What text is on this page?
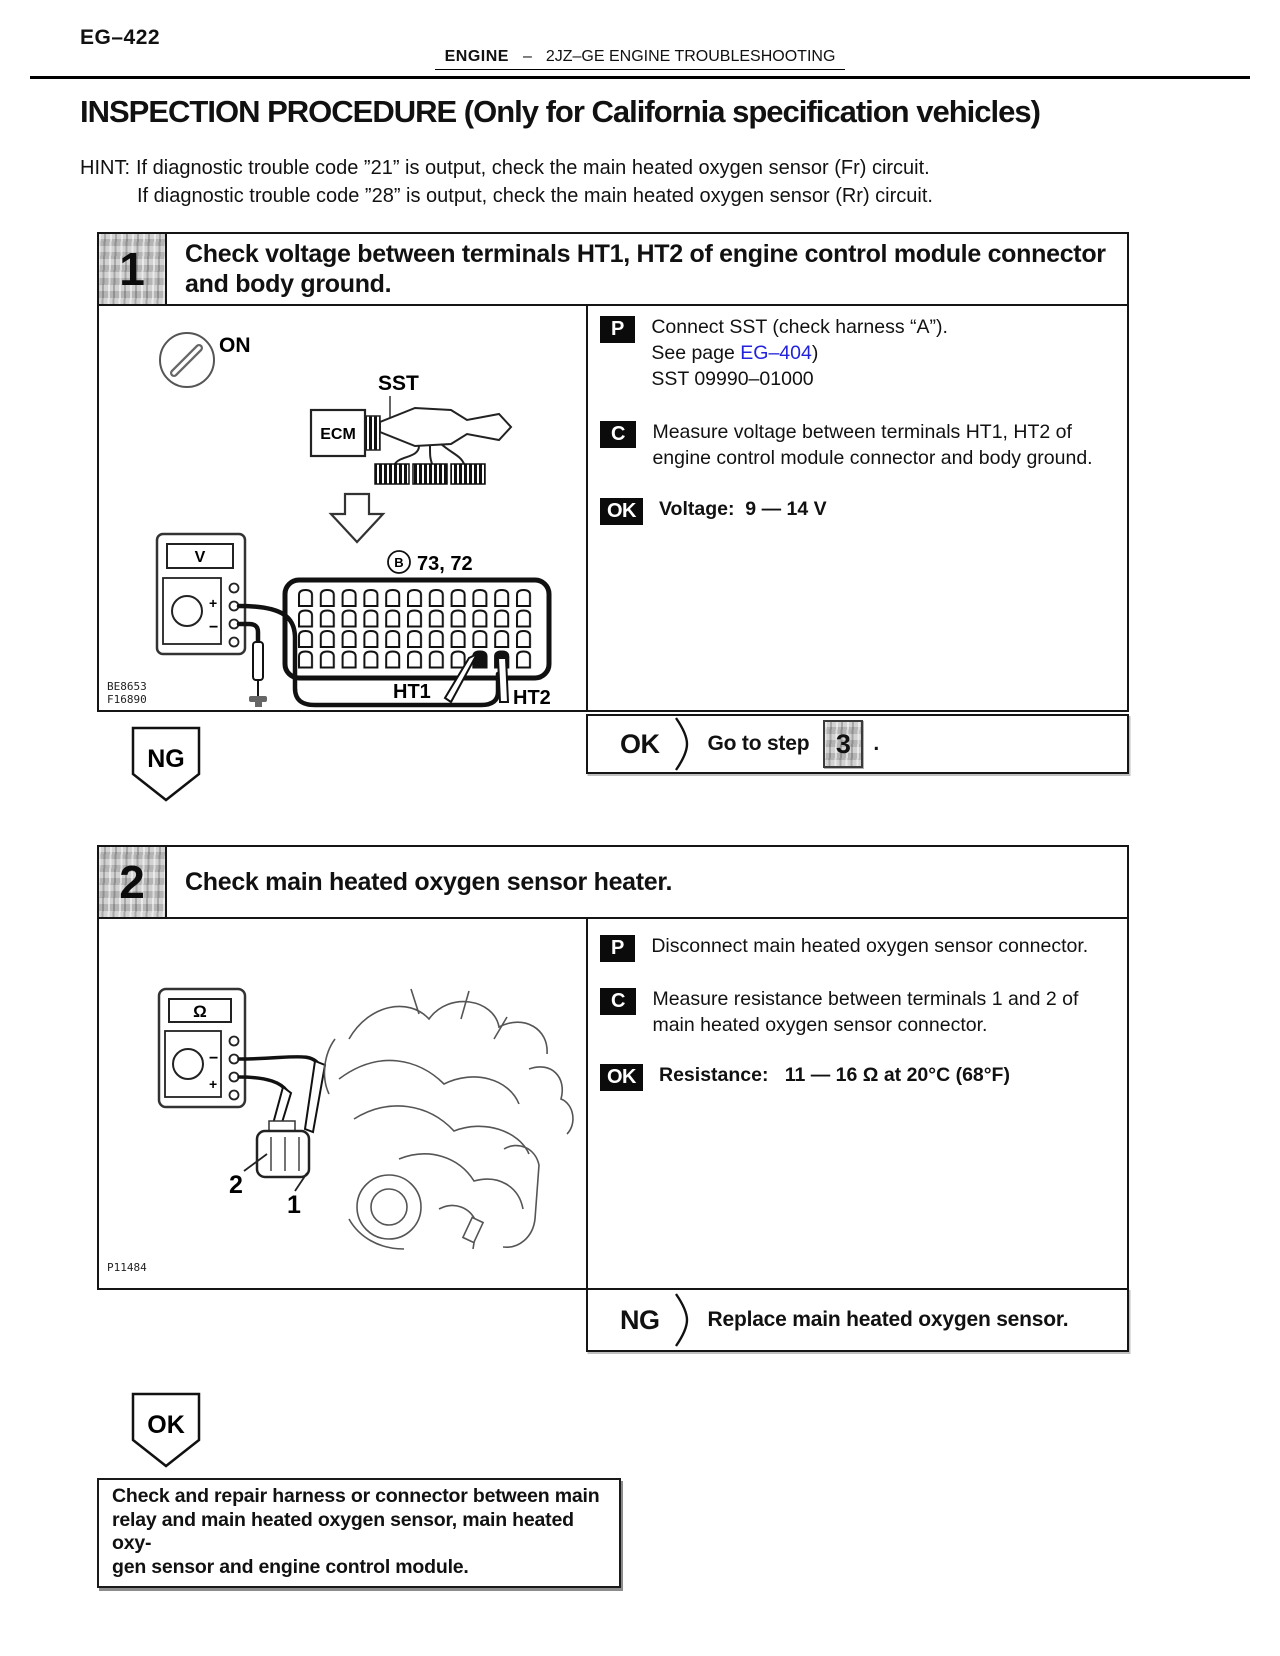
EG–422
ENGINE – 2JZ–GE ENGINE TROUBLESHOOTING
INSPECTION PROCEDURE (Only for California specification vehicles)
HINT: If diagnostic trouble code ”21” is output, check the main heated oxygen sensor (Fr) circuit.
If diagnostic trouble code ”28” is output, check the main heated oxygen sensor (Rr) circuit.
1	Check voltage between terminals HT1, HT2 of engine control module connector and body ground.
ON
SST
ECM
B 73, 72
V
+
−
HT1	HT2
BE8653
F16890
P	Connect SST (check harness “A”).
See page EG–404)
SST 09990–01000
C	Measure voltage between terminals HT1, HT2 of engine control module connector and body ground.
OK	Voltage:  9 — 14 V
OK Go to step 3	.
NG
2	Check main heated oxygen sensor heater.
Ω
−
+
2
1
P11484
P	Disconnect main heated oxygen sensor connector.
C	Measure resistance between terminals 1 and 2 of main heated oxygen sensor connector.
OK	Resistance:   11 — 16 Ω at 20°C (68°F)
NG Replace main heated oxygen sensor.
OK
Check and repair harness or connector between main
relay and main heated oxygen sensor, main heated oxy-
gen sensor and engine control module.
